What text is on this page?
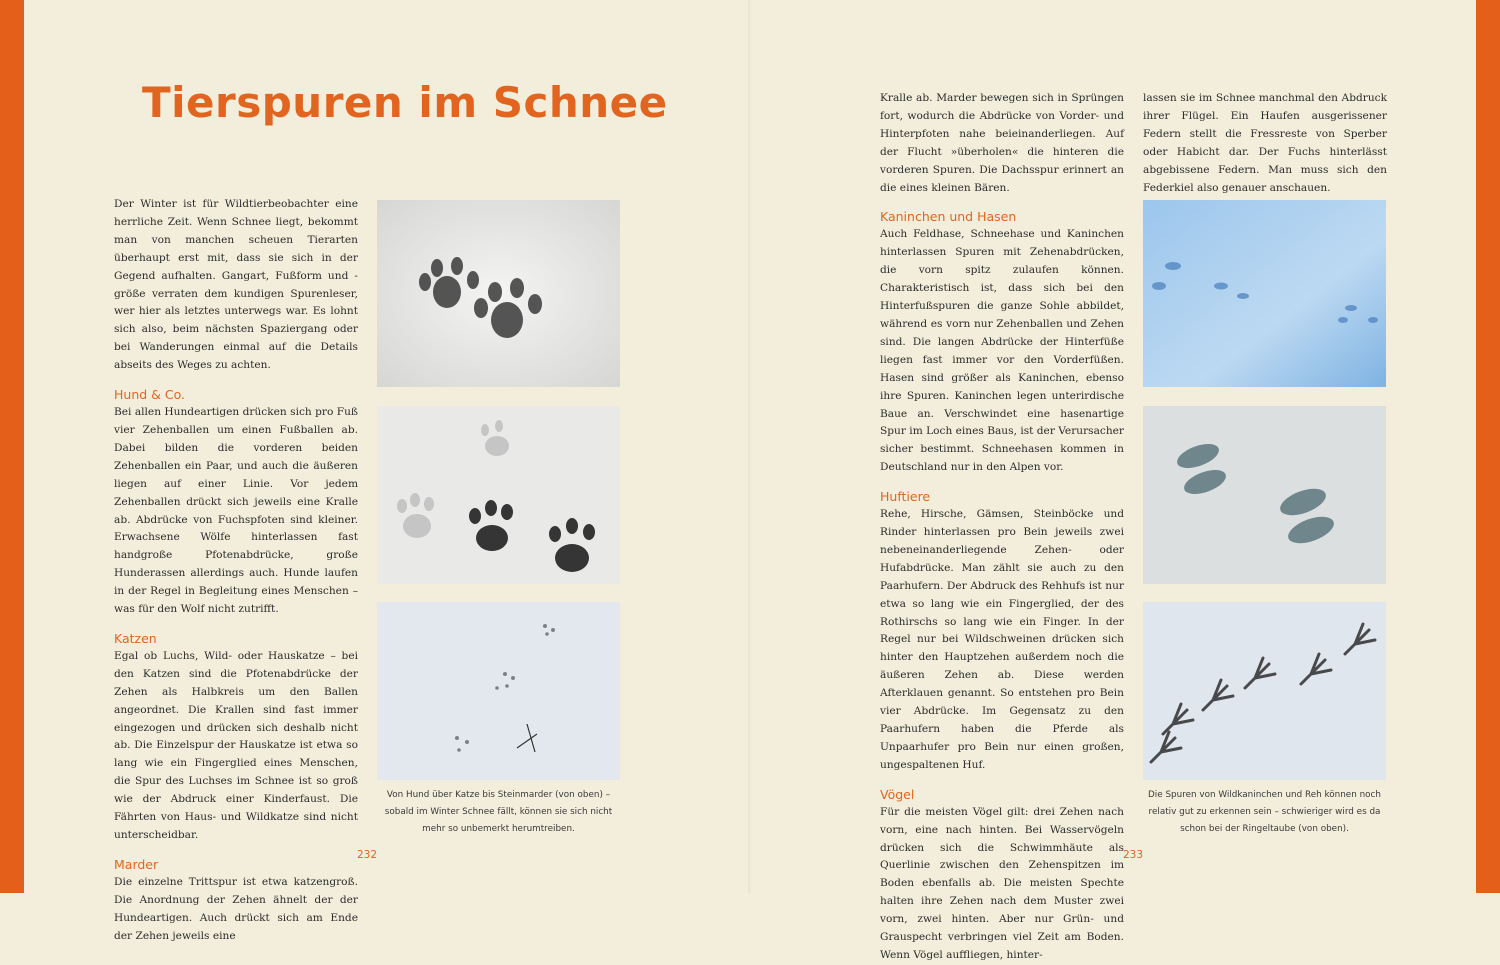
Tierspuren im Schnee

Der Winter ist für Wildtierbeobachter eine herrliche Zeit. Wenn Schnee liegt, bekommt man von manchen scheuen Tierarten überhaupt erst mit, dass sie sich in der Gegend aufhalten. Gangart, Fußform und -größe verraten dem kundigen Spurenleser, wer hier als letztes unterwegs war. Es lohnt sich also, beim nächsten Spaziergang oder bei Wanderungen einmal auf die Details abseits des Weges zu achten.

Hund & Co.

Bei allen Hundeartigen drücken sich pro Fuß vier Zehenballen um einen Fußballen ab. Dabei bilden die vorderen beiden Zehenballen ein Paar, und auch die äußeren liegen auf einer Linie. Vor jedem Zehenballen drückt sich jeweils eine Kralle ab. Abdrücke von Fuchspfoten sind kleiner. Erwachsene Wölfe hinterlassen fast handgroße Pfotenabdrücke, große Hunderassen allerdings auch. Hunde laufen in der Regel in Begleitung eines Menschen – was für den Wolf nicht zutrifft.

Katzen

Egal ob Luchs, Wild- oder Hauskatze – bei den Katzen sind die Pfotenabdrücke der Zehen als Halbkreis um den Ballen angeordnet. Die Krallen sind fast immer eingezogen und drücken sich deshalb nicht ab. Die Einzelspur der Hauskatze ist etwa so lang wie ein Fingerglied eines Menschen, die Spur des Luchses im Schnee ist so groß wie der Abdruck einer Kinderfaust. Die Fährten von Haus- und Wildkatze sind nicht unterscheidbar.

Marder

Die einzelne Trittspur ist etwa katzengroß. Die Anordnung der Zehen ähnelt der der Hundeartigen. Auch drückt sich am Ende der Zehen jeweils eine

Von Hund über Katze bis Steinmarder (von oben) – sobald im Winter Schnee fällt, können sie sich nicht mehr so unbemerkt herumtreiben.
232

Kralle ab. Marder bewegen sich in Sprüngen fort, wodurch die Abdrücke von Vorder- und Hinterpfoten nahe beieinanderliegen. Auf der Flucht »überholen« die hinteren die vorderen Spuren. Die Dachsspur erinnert an die eines kleinen Bären.

Kaninchen und Hasen

Auch Feldhase, Schneehase und Kaninchen hinterlassen Spuren mit Zehenabdrücken, die vorn spitz zulaufen können. Charakteristisch ist, dass sich bei den Hinterfußspuren die ganze Sohle abbildet, während es vorn nur Zehenballen und Zehen sind. Die langen Abdrücke der Hinterfüße liegen fast immer vor den Vorderfüßen. Hasen sind größer als Kaninchen, ebenso ihre Spuren. Kaninchen legen unterirdische Baue an. Verschwindet eine hasenartige Spur im Loch eines Baus, ist der Verursacher sicher bestimmt. Schneehasen kommen in Deutschland nur in den Alpen vor.

Huftiere

Rehe, Hirsche, Gämsen, Steinböcke und Rinder hinterlassen pro Bein jeweils zwei nebeneinanderliegende Zehen- oder Hufabdrücke. Man zählt sie auch zu den Paarhufern. Der Abdruck des Rehhufs ist nur etwa so lang wie ein Fingerglied, der des Rothirschs so lang wie ein Finger. In der Regel nur bei Wildschweinen drücken sich hinter den Hauptzehen außerdem noch die äußeren Zehen ab. Diese werden Afterklauen genannt. So entstehen pro Bein vier Abdrücke. Im Gegensatz zu den Paarhufern haben die Pferde als Unpaarhufer pro Bein nur einen großen, ungespaltenen Huf.

Vögel

Für die meisten Vögel gilt: drei Zehen nach vorn, eine nach hinten. Bei Wasservögeln drücken sich die Schwimmhäute als Querlinie zwischen den Zehenspitzen im Boden ebenfalls ab. Die meisten Spechte halten ihre Zehen nach dem Muster zwei vorn, zwei hinten. Aber nur Grün- und Grauspecht verbringen viel Zeit am Boden. Wenn Vögel auffliegen, hinter-

lassen sie im Schnee manchmal den Abdruck ihrer Flügel. Ein Haufen ausgerissener Federn stellt die Fressreste von Sperber oder Habicht dar. Der Fuchs hinterlässt abgebissene Federn. Man muss sich den Federkiel also genauer anschauen.

Die Spuren von Wildkaninchen und Reh können noch relativ gut zu erkennen sein – schwieriger wird es da schon bei der Ringeltaube (von oben).
233
